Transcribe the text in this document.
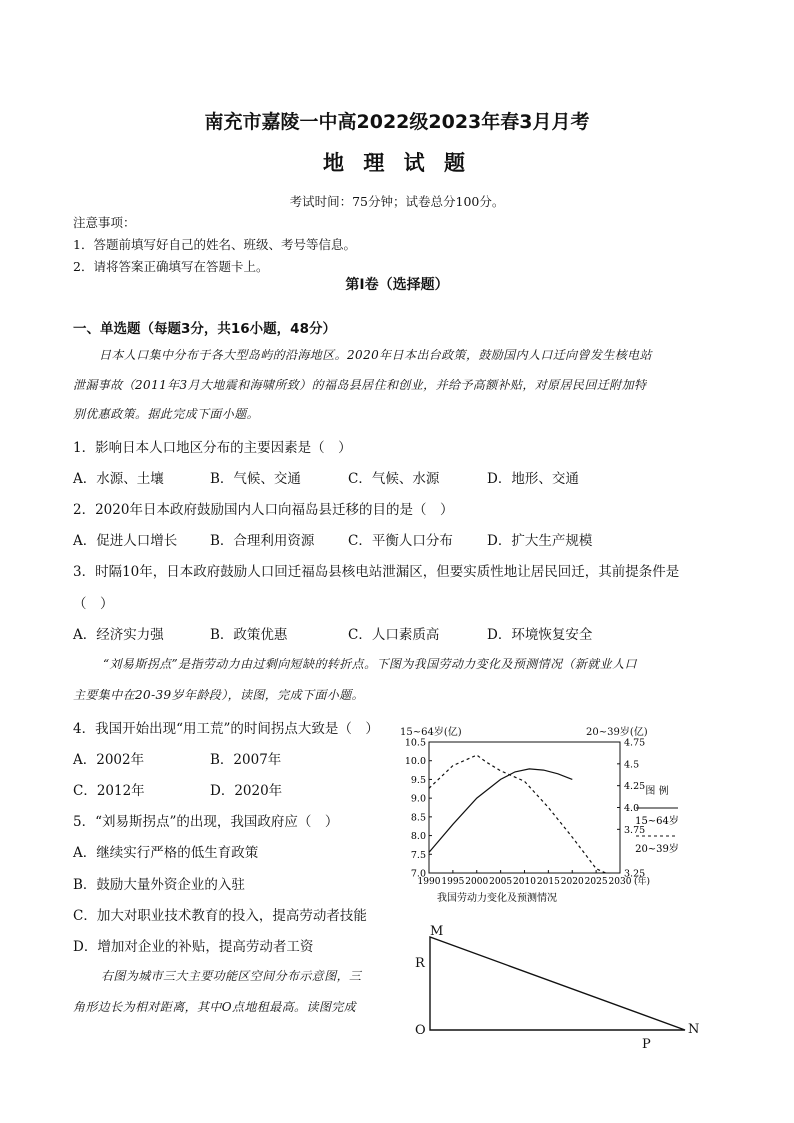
南充市嘉陵一中高2022级2023年春3月月考
地 理 试 题
考试时间：75分钟；试卷总分100分。
注意事项：
1．答题前填写好自己的姓名、班级、考号等信息。
2．请将答案正确填写在答题卡上。
第I卷（选择题）
一、单选题（每题3分，共16小题，48分）
日本人口集中分布于各大型岛屿的沿海地区。2020年日本出台政策，鼓励国内人口迁向曾发生核电站
泄漏事故（2011年3月大地震和海啸所致）的福岛县居住和创业，并给予高额补贴，对原居民回迁附加特
别优惠政策。据此完成下面小题。
1．影响日本人口地区分布的主要因素是（　）
A．水源、土壤	B．气候、交通	C．气候、水源	D．地形、交通
2．2020年日本政府鼓励国内人口向福岛县迁移的目的是（　）
A．促进人口增长 B．合理利用资源 C．平衡人口分布	D．扩大生产规模
3．时隔10年，日本政府鼓励人口回迁福岛县核电站泄漏区，但要实质性地让居民回迁，其前提条件是
（　）
A．经济实力强	B．政策优惠	C．人口素质高	D．环境恢复安全
“刘易斯拐点”是指劳动力由过剩向短缺的转折点。下图为我国劳动力变化及预测情况（新就业人口
主要集中在20-39岁年龄段），读图，完成下面小题。
4．我国开始出现“用工荒”的时间拐点大致是（　）
A．2002年	B．2007年
C．2012年	D．2020年
5．“刘易斯拐点”的出现，我国政府应（　）
A．继续实行严格的低生育政策
B．鼓励大量外资企业的入驻
C．加大对职业技术教育的投入，提高劳动者技能
D．增加对企业的补贴，提高劳动者工资
右图为城市三大主要功能区空间分布示意图，三
角形边长为相对距离，其中O点地租最高。读图完成
15~64岁(亿)	20~39岁(亿)
7.0
7.5
8.0
8.5
9.0
9.5
10.0
10.5
3.25
3.75
4.0
4.25
4.5
4.75
1990 1995 2000 2005 2010 2015 2020 2025 2030 (年)
图 例
15~64岁
20~39岁
我国劳动力变化及预测情况
M
R
O
P
N
